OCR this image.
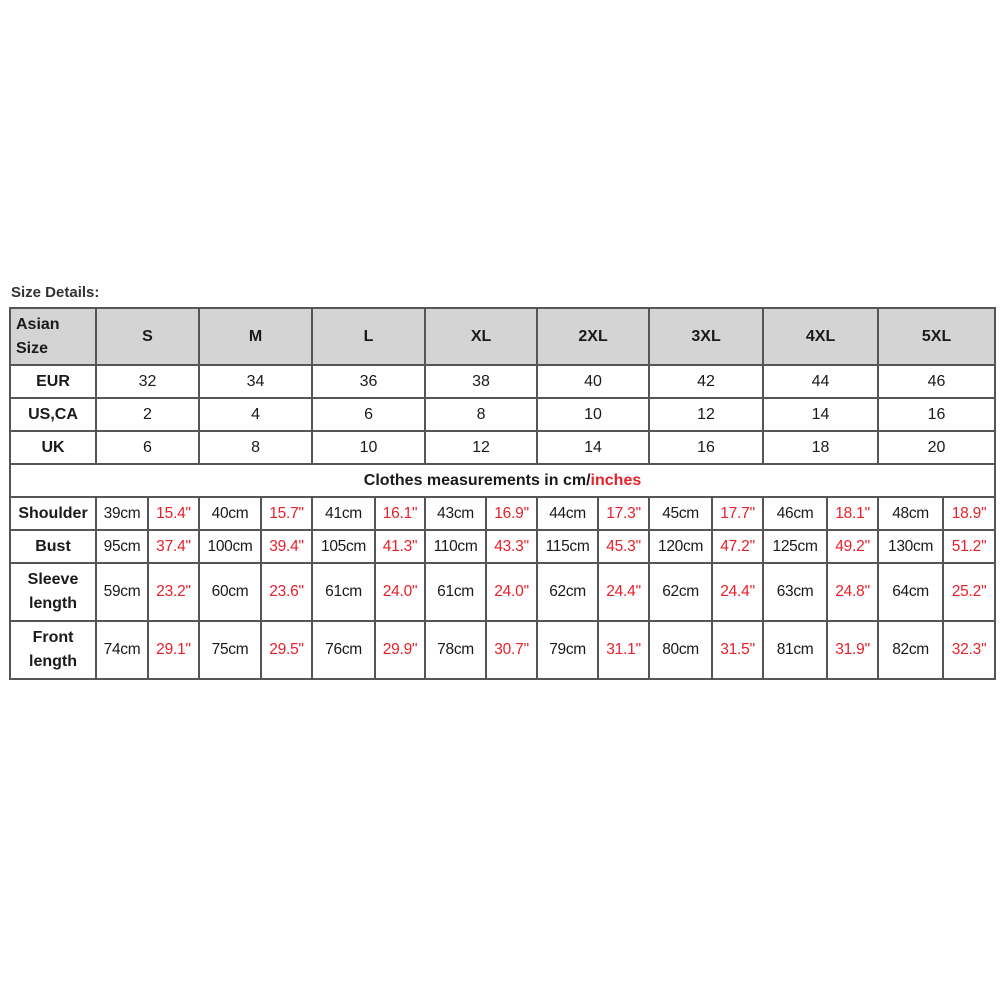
Size Details:
Asian Size	S		M		L		XL		2XL		3XL		4XL		5XL	
EUR	32		34		36		38		40		42		44		46	
US,CA	2		4		6		8		10		12		14		16	
UK	6		8		10		12		14		16		18		20	
Clothes measurements in cm/inches																
Shoulder	39cm	15.4"	40cm	15.7"	41cm	16.1"	43cm	16.9"	44cm	17.3"	45cm	17.7"	46cm	18.1"	48cm	18.9"
Bust	95cm	37.4"	100cm	39.4"	105cm	41.3"	110cm	43.3"	115cm	45.3"	120cm	47.2"	125cm	49.2"	130cm	51.2"
Sleeve length	59cm	23.2"	60cm	23.6"	61cm	24.0"	61cm	24.0"	62cm	24.4"	62cm	24.4"	63cm	24.8"	64cm	25.2"
Front length	74cm	29.1"	75cm	29.5"	76cm	29.9"	78cm	30.7"	79cm	31.1"	80cm	31.5"	81cm	31.9"	82cm	32.3"
